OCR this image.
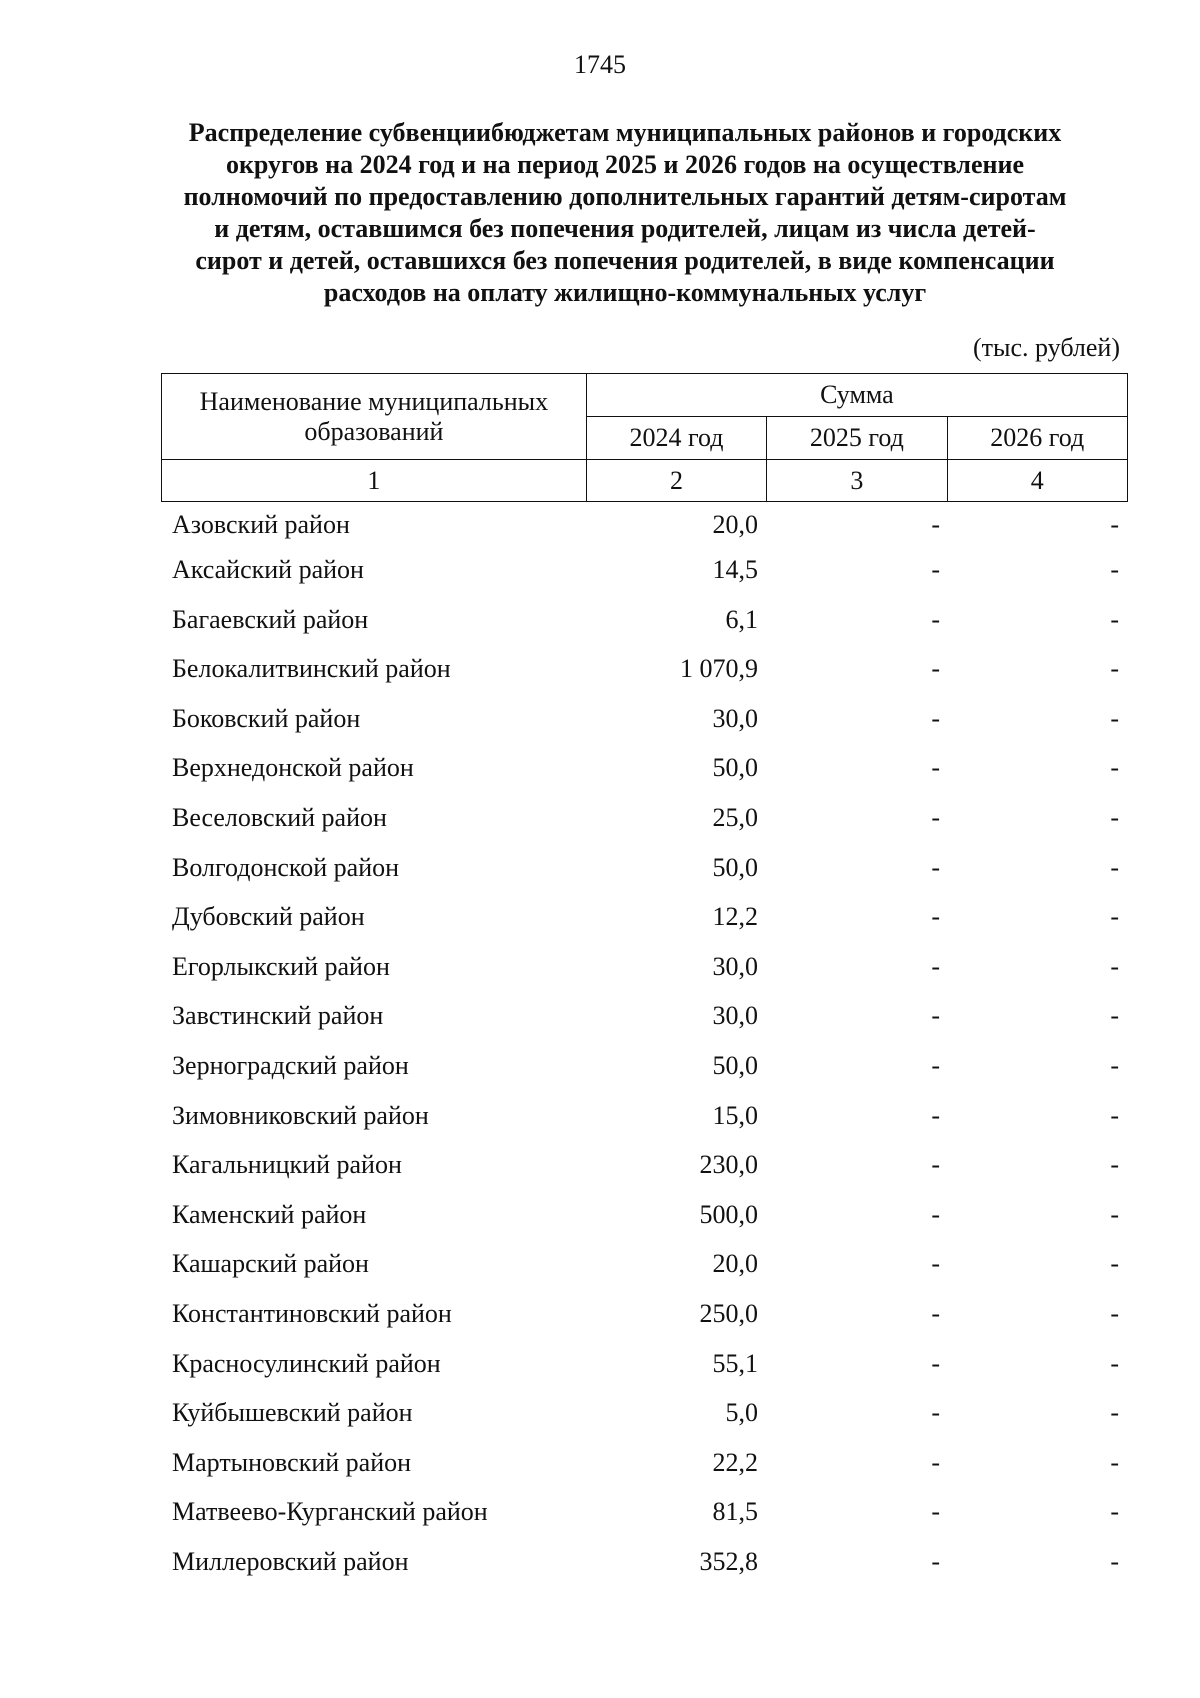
1745
Распределение субвенциибюджетам муниципальных районов и городских
округов на 2024 год и на период 2025 и 2026 годов на осуществление
полномочий по предоставлению дополнительных гарантий детям-сиротам
и детям, оставшимся без попечения родителей, лицам из числа детей-
сирот и детей, оставшихся без попечения родителей, в виде компенсации
расходов на оплату жилищно-коммунальных услуг
(тыс. рублей)
Наименование муниципальных образований	Сумма		
	2024 год	2025 год	2026 год
1	2	3	4
Азовский район	20,0	-	-
Аксайский район	14,5	-	-
Багаевский район	6,1	-	-
Белокалитвинский район	1 070,9	-	-
Боковский район	30,0	-	-
Верхнедонской район	50,0	-	-
Веселовский район	25,0	-	-
Волгодонской район	50,0	-	-
Дубовский район	12,2	-	-
Егорлыкский район	30,0	-	-
Завстинский район	30,0	-	-
Зерноградский район	50,0	-	-
Зимовниковский район	15,0	-	-
Кагальницкий район	230,0	-	-
Каменский район	500,0	-	-
Кашарский район	20,0	-	-
Константиновский район	250,0	-	-
Красносулинский район	55,1	-	-
Куйбышевский район	5,0	-	-
Мартыновский район	22,2	-	-
Матвеево-Курганский район	81,5	-	-
Миллеровский район	352,8	-	-
